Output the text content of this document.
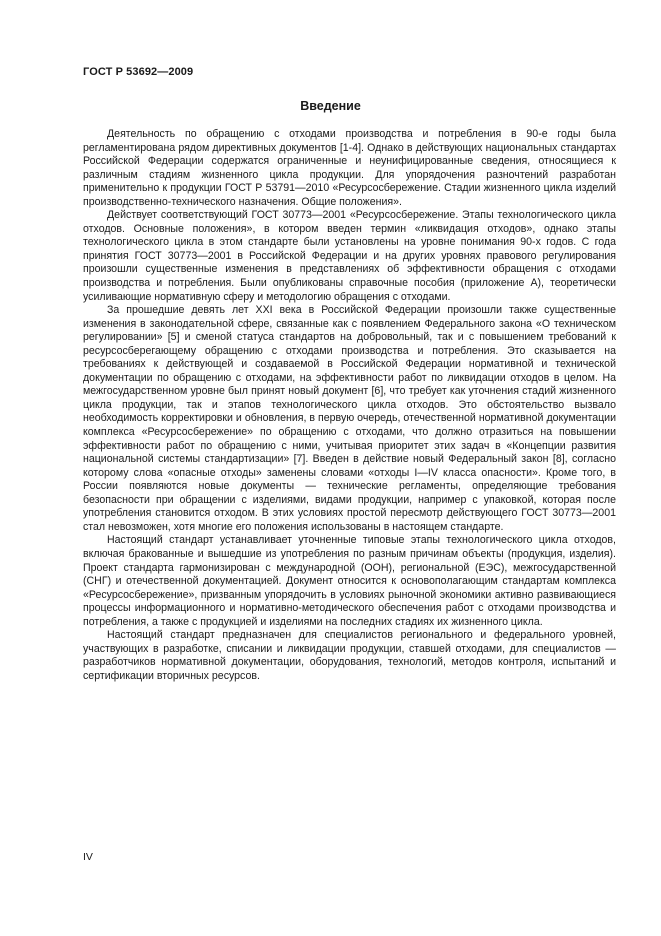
ГОСТ Р 53692—2009
Введение

Деятельность по обращению с отходами производства и потребления в 90-е годы была регламентирована рядом директивных документов [1-4]. Однако в действующих национальных стандартах Российской Федерации содержатся ограниченные и неунифицированные сведения, относящиеся к различным стадиям жизненного цикла продукции. Для упорядочения разночтений разработан применительно к продукции ГОСТ Р 53791—2010 «Ресурсосбережение. Стадии жизненного цикла изделий производственно-технического назначения. Общие положения».

Действует соответствующий ГОСТ 30773—2001 «Ресурсосбережение. Этапы технологического цикла отходов. Основные положения», в котором введен термин «ликвидация отходов», однако этапы технологического цикла в этом стандарте были установлены на уровне понимания 90-х годов. С года принятия ГОСТ 30773—2001 в Российской Федерации и на других уровнях правового регулирования произошли существенные изменения в представлениях об эффективности обращения с отходами производства и потребления. Были опубликованы справочные пособия (приложение А), теоретически усиливающие нормативную сферу и методологию обращения с отходами.

За прошедшие девять лет XXI века в Российской Федерации произошли также существенные изменения в законодательной сфере, связанные как с появлением Федерального закона «О техническом регулировании» [5] и сменой статуса стандартов на добровольный, так и с повышением требований к ресурсосберегающему обращению с отходами производства и потребления. Это сказывается на требованиях к действующей и создаваемой в Российской Федерации нормативной и технической документации по обращению с отходами, на эффективности работ по ликвидации отходов в целом. На межгосударственном уровне был принят новый документ [6], что требует как уточнения стадий жизненного цикла продукции, так и этапов технологического цикла отходов. Это обстоятельство вызвало необходимость корректировки и обновления, в первую очередь, отечественной нормативной документации комплекса «Ресурсосбережение» по обращению с отходами, что должно отразиться на повышении эффективности работ по обращению с ними, учитывая приоритет этих задач в «Концепции развития национальной системы стандартизации» [7]. Введен в действие новый Федеральный закон [8], согласно которому слова «опасные отходы» заменены словами «отходы I—IV класса опасности». Кроме того, в России появляются новые документы — технические регламенты, определяющие требования безопасности при обращении с изделиями, видами продукции, например с упаковкой, которая после употребления становится отходом. В этих условиях простой пересмотр действующего ГОСТ 30773—2001 стал невозможен, хотя многие его положения использованы в настоящем стандарте.

Настоящий стандарт устанавливает уточненные типовые этапы технологического цикла отходов, включая бракованные и вышедшие из употребления по разным причинам объекты (продукция, изделия). Проект стандарта гармонизирован с международной (ООН), региональной (ЕЭС), межгосударственной (СНГ) и отечественной документацией. Документ относится к основополагающим стандартам комплекса «Ресурсосбережение», призванным упорядочить в условиях рыночной экономики активно развивающиеся процессы информационного и нормативно-методического обеспечения работ с отходами производства и потребления, а также с продукцией и изделиями на последних стадиях их жизненного цикла.

Настоящий стандарт предназначен для специалистов регионального и федерального уровней, участвующих в разработке, списании и ликвидации продукции, ставшей отходами, для специалистов — разработчиков нормативной документации, оборудования, технологий, методов контроля, испытаний и сертификации вторичных ресурсов.

IV
